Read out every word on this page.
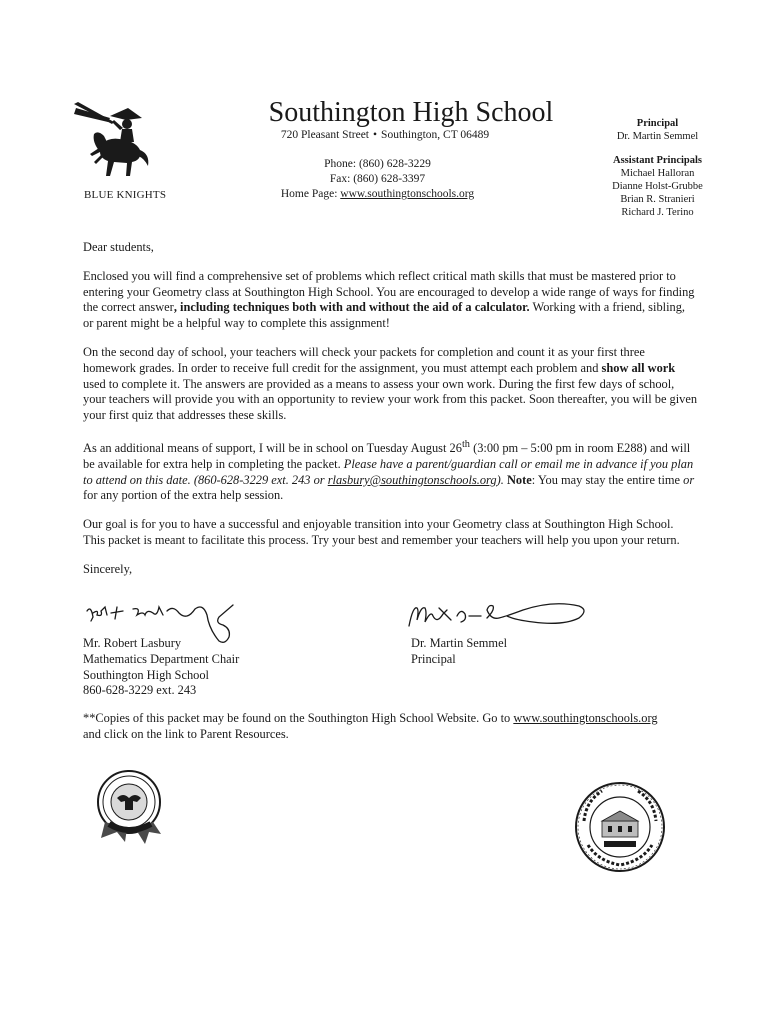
BLUE KNIGHTS
Southington High School
720 Pleasant Street • Southington, CT 06489
Phone: (860) 628-3229
Fax: (860) 628-3397
Home Page: www.southingtonschools.org
Principal
Dr. Martin Semmel
Assistant Principals
Michael Halloran
Dianne Holst-Grubbe
Brian R. Stranieri
Richard J. Terino

Dear students,

Enclosed you will find a comprehensive set of problems which reflect critical math skills that must be mastered prior to entering your Geometry class at Southington High School. You are encouraged to develop a wide range of ways for finding the correct answer, including techniques both with and without the aid of a calculator. Working with a friend, sibling, or parent might be a helpful way to complete this assignment!

On the second day of school, your teachers will check your packets for completion and count it as your first three homework grades. In order to receive full credit for the assignment, you must attempt each problem and show all work used to complete it. The answers are provided as a means to assess your own work. During the first few days of school, your teachers will provide you with an opportunity to review your work from this packet. Soon thereafter, you will be given your first quiz that addresses these skills.

As an additional means of support, I will be in school on Tuesday August 26th (3:00 pm – 5:00 pm in room E288) and will be available for extra help in completing the packet. Please have a parent/guardian call or email me in advance if you plan to attend on this date. (860-628-3229 ext. 243 or rlasbury@southingtonschools.org). Note: You may stay the entire time or for any portion of the extra help session.

Our goal is for you to have a successful and enjoyable transition into your Geometry class at Southington High School. This packet is meant to facilitate this process. Try your best and remember your teachers will help you upon your return.

Sincerely,

Mr. Robert Lasbury
Mathematics Department Chair
Southington High School
860-628-3229 ext. 243
Dr. Martin Semmel
Principal
**Copies of this packet may be found on the Southington High School Website. Go to www.southingtonschools.org and click on the link to Parent Resources.
